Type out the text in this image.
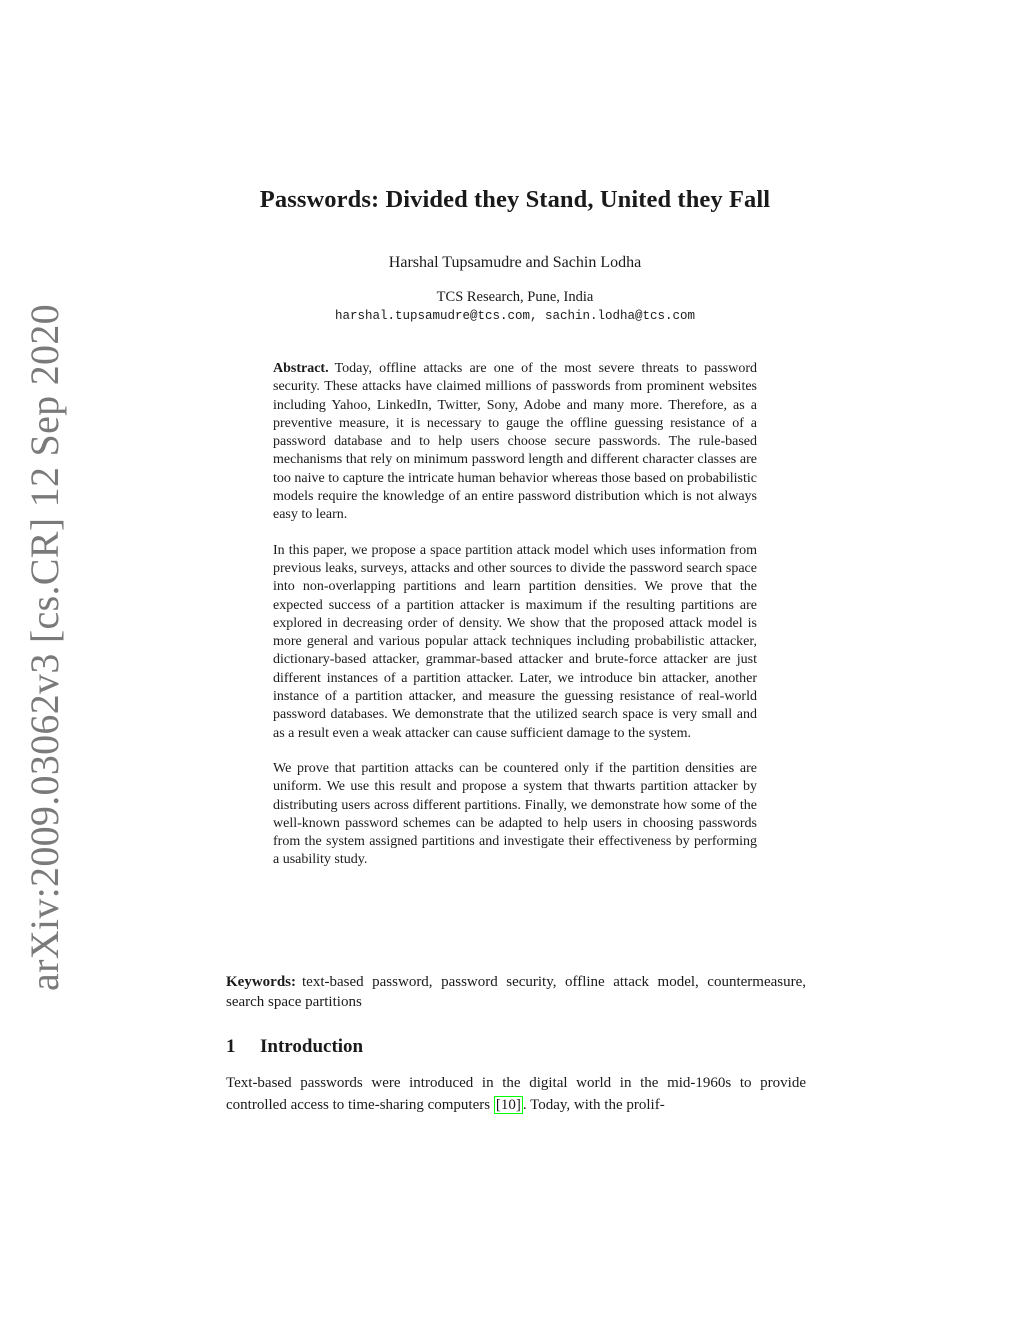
arXiv:2009.03062v3 [cs.CR] 12 Sep 2020
Passwords: Divided they Stand, United they Fall
Harshal Tupsamudre and Sachin Lodha
TCS Research, Pune, India
harshal.tupsamudre@tcs.com, sachin.lodha@tcs.com

Abstract. Today, offline attacks are one of the most severe threats to password security. These attacks have claimed millions of passwords from prominent websites including Yahoo, LinkedIn, Twitter, Sony, Adobe and many more. Therefore, as a preventive measure, it is necessary to gauge the offline guessing resistance of a password database and to help users choose secure passwords. The rule-based mechanisms that rely on minimum password length and different character classes are too naive to capture the intricate human behavior whereas those based on probabilistic models require the knowledge of an entire password distribution which is not always easy to learn.

In this paper, we propose a space partition attack model which uses information from previous leaks, surveys, attacks and other sources to divide the password search space into non-overlapping partitions and learn partition densities. We prove that the expected success of a partition attacker is maximum if the resulting partitions are explored in decreasing order of density. We show that the proposed attack model is more general and various popular attack techniques including probabilistic attacker, dictionary-based attacker, grammar-based attacker and brute-force attacker are just different instances of a partition attacker. Later, we introduce bin attacker, another instance of a partition attacker, and measure the guessing resistance of real-world password databases. We demonstrate that the utilized search space is very small and as a result even a weak attacker can cause sufficient damage to the system.

We prove that partition attacks can be countered only if the partition densities are uniform. We use this result and propose a system that thwarts partition attacker by distributing users across different partitions. Finally, we demonstrate how some of the well-known password schemes can be adapted to help users in choosing passwords from the system assigned partitions and investigate their effectiveness by performing a usability study.

Keywords: text-based password, password security, offline attack model, countermeasure, search space partitions
1 Introduction

Text-based passwords were introduced in the digital world in the mid-1960s to provide controlled access to time-sharing computers [10] . Today, with the prolif-
